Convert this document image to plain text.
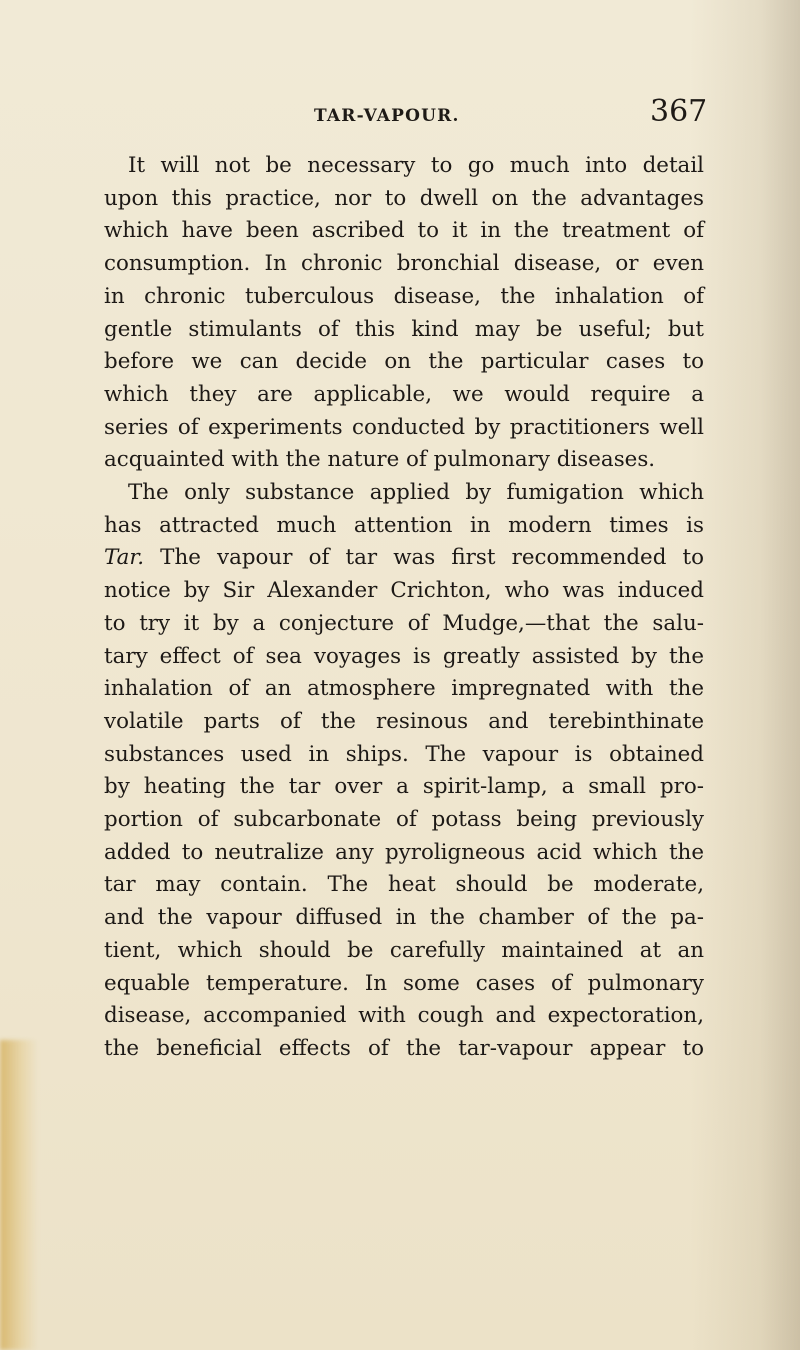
TAR-VAPOUR.	367
It will not be necessary to go much into detail
upon this practice, nor to dwell on the advantages
which have been ascribed to it in the treatment of
consumption. In chronic bronchial disease, or even
in chronic tuberculous disease, the inhalation of
gentle stimulants of this kind may be useful; but
before we can decide on the particular cases to
which they are applicable, we would require a
series of experiments conducted by practitioners well
acquainted with the nature of pulmonary diseases.
The only substance applied by fumigation which
has attracted much attention in modern times is
Tar. The vapour of tar was first recommended to
notice by Sir Alexander Crichton, who was induced
to try it by a conjecture of Mudge,—that the salu-
tary effect of sea voyages is greatly assisted by the
inhalation of an atmosphere impregnated with the
volatile parts of the resinous and terebinthinate
substances used in ships. The vapour is obtained
by heating the tar over a spirit-lamp, a small pro-
portion of subcarbonate of potass being previously
added to neutralize any pyroligneous acid which the
tar may contain. The heat should be moderate,
and the vapour diffused in the chamber of the pa-
tient, which should be carefully maintained at an
equable temperature. In some cases of pulmonary
disease, accompanied with cough and expectoration,
the beneficial effects of the tar-vapour appear to
